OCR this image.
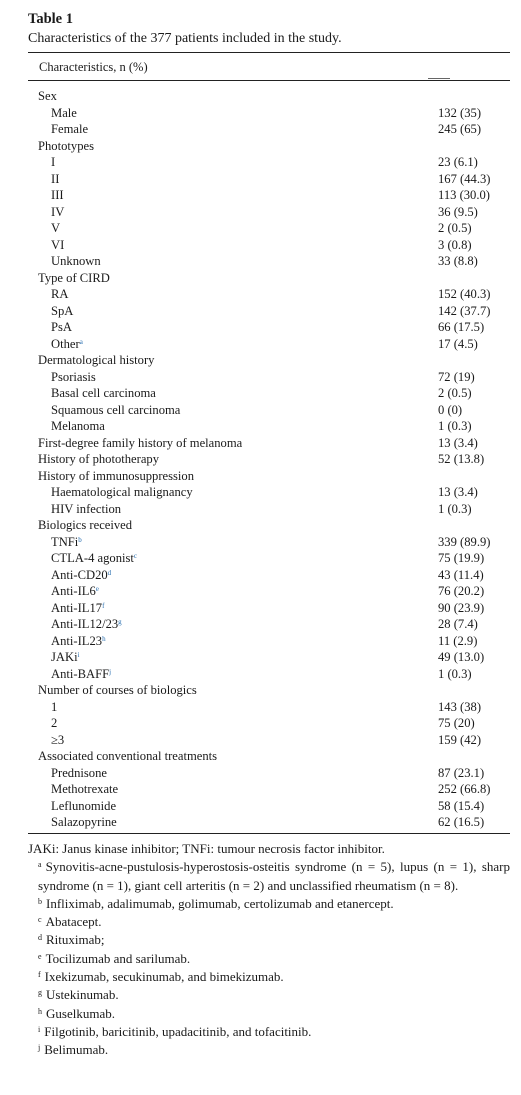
Table 1
Characteristics of the 377 patients included in the study.
Characteristics, n (%)
Sex
Male	132 (35)
Female	245 (65)
Phototypes
I	23 (6.1)
II	167 (44.3)
III	113 (30.0)
IV	36 (9.5)
V	2 (0.5)
VI	3 (0.8)
Unknown	33 (8.8)
Type of CIRD
RA	152 (40.3)
SpA	142 (37.7)
PsA	66 (17.5)
Other$^a$	17 (4.5)
Dermatological history
Psoriasis	72 (19)
Basal cell carcinoma	2 (0.5)
Squamous cell carcinoma	0 (0)
Melanoma	1 (0.3)
First-degree family history of melanoma	13 (3.4)
History of phototherapy	52 (13.8)
History of immunosuppression
Haematological malignancy	13 (3.4)
HIV infection	1 (0.3)
Biologics received
TNFi$^b$	339 (89.9)
CTLA-4 agonist$^c$	75 (19.9)
Anti-CD20$^d$	43 (11.4)
Anti-IL6e	76 (20.2)
Anti-IL17$^f$	90 (23.9)
Anti-IL12/23$^g$	28 (7.4)
Anti-IL23$^h$	11 (2.9)
JAKi$^i$	49 (13.0)
Anti-BAFF$^j$	1 (0.3)
Number of courses of biologics
1	143 (38)
2	75 (20)
≥3	159 (42)
Associated conventional treatments
Prednisone	87 (23.1)
Methotrexate	252 (66.8)
Leflunomide	58 (15.4)
Salazopyrine	62 (16.5)
JAKi: Janus kinase inhibitor; TNFi: tumour necrosis factor inhibitor.
$^a$ Synovitis-acne-pustulosis-hyperostosis-osteitis syndrome (n = 5), lupus (n = 1), sharp syndrome (n = 1), giant cell arteritis (n = 2) and unclassified rheumatism (n = 8).
$^b$ Infliximab, adalimumab, golimumab, certolizumab and etanercept.
$^c$ Abatacept.
$^d$ Rituximab;
$^e$ Tocilizumab and sarilumab.
$^f$ Ixekizumab, secukinumab, and bimekizumab.
$^g$ Ustekinumab.
$^h$ Guselkumab.
$^i$ Filgotinib, baricitinib, upadacitinib, and tofacitinib.
$^j$ Belimumab.
